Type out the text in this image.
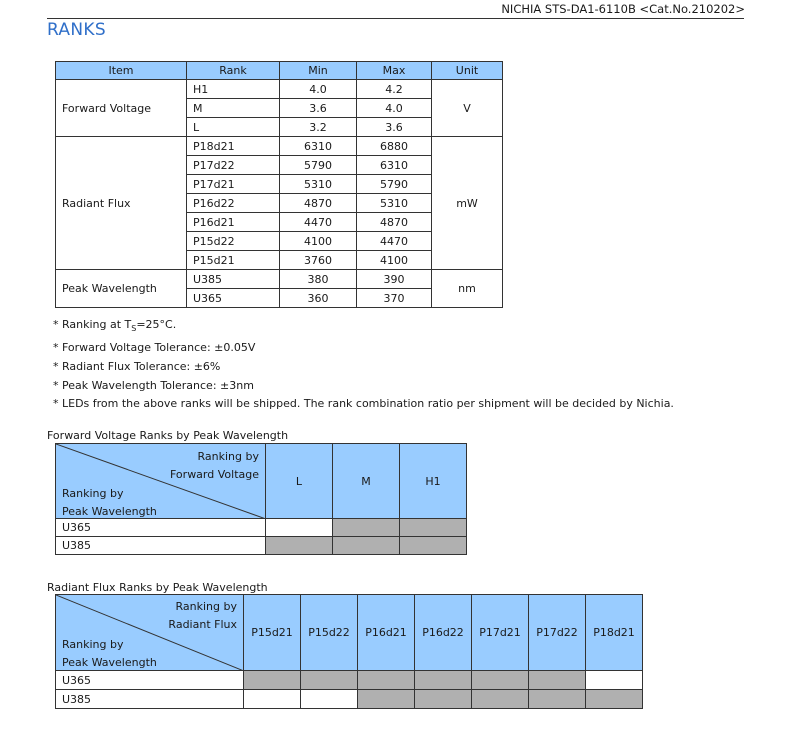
NICHIA STS-DA1-6110B <Cat.No.210202>
RANKS
Item	Rank	Min	Max	Unit
Forward Voltage	H1	4.0	4.2	V
	M	3.6	4.0	
	L	3.2	3.6	
Radiant Flux	P18d21	6310	6880	mW
	P17d22	5790	6310	
	P17d21	5310	5790	
	P16d22	4870	5310	
	P16d21	4470	4870	
	P15d22	4100	4470	
	P15d21	3760	4100	
Peak Wavelength	U385	380	390	nm
	U365	360	370	
* Ranking at $T_S=25^\circ C$.
* Forward Voltage Tolerance: ±0.05V
* Radiant Flux Tolerance: ±6%
* Peak Wavelength Tolerance: ±3nm
* LEDs from the above ranks will be shipped. The rank combination ratio per shipment will be decided by Nichia.
Forward Voltage Ranks by Peak Wavelength
Ranking by
Forward Voltage
Ranking by
Peak Wavelength	L	M	H1
U365			
U385			
Radiant Flux Ranks by Peak Wavelength
Ranking by
Radiant Flux
Ranking by
Peak Wavelength	P15d21	P15d22	P16d21	P16d22	P17d21	P17d22	P18d21
U365							
U385							
